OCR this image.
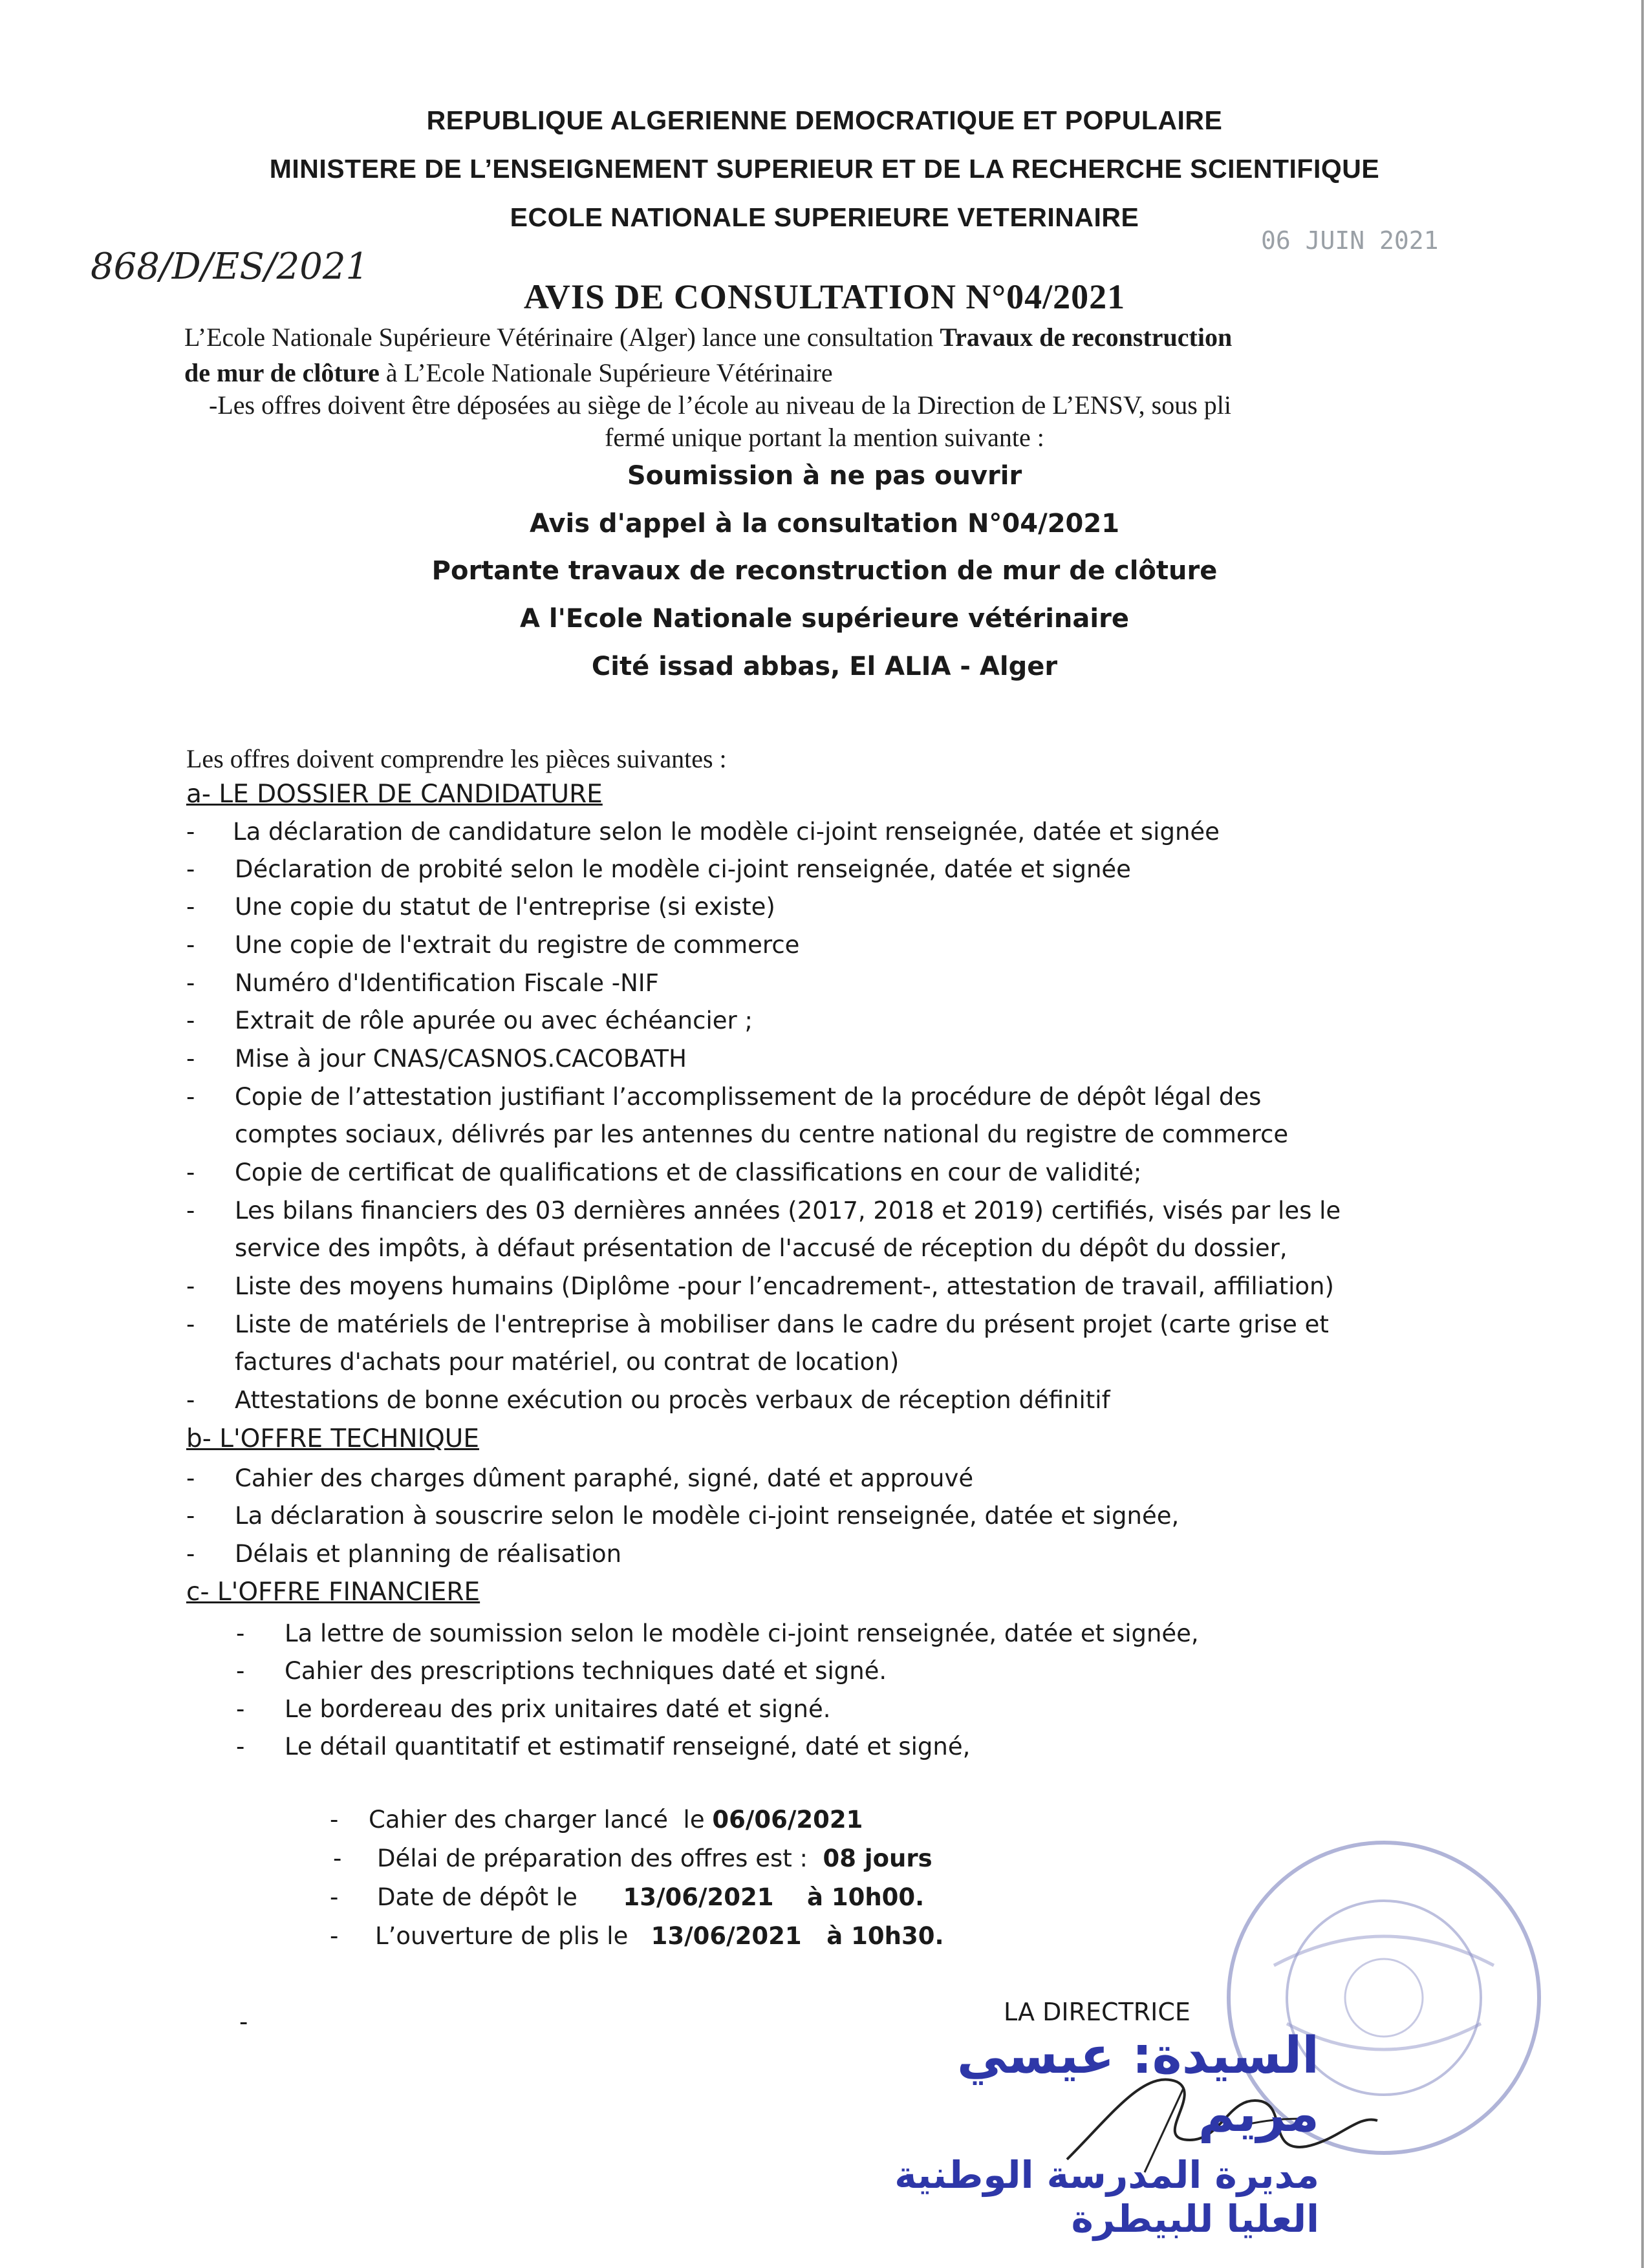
REPUBLIQUE ALGERIENNE DEMOCRATIQUE ET POPULAIRE
MINISTERE DE L’ENSEIGNEMENT SUPERIEUR ET DE LA RECHERCHE SCIENTIFIQUE
ECOLE NATIONALE SUPERIEURE VETERINAIRE
868/D/ES/2021
06 JUIN 2021
AVIS DE CONSULTATION N°04/2021
L’Ecole Nationale Supérieure Vétérinaire (Alger) lance une consultation Travaux de reconstruction
de mur de clôture à L’Ecole Nationale Supérieure Vétérinaire
-Les offres doivent être déposées au siège de l’école au niveau de la Direction de L’ENSV, sous pli
fermé unique portant la mention suivante :
Soumission à ne pas ouvrir
Avis d'appel à la consultation N°04/2021
Portante travaux de reconstruction de mur de clôture
A l'Ecole Nationale supérieure vétérinaire
Cité issad abbas, El ALIA - Alger
Les offres doivent comprendre les pièces suivantes :
a- LE DOSSIER DE CANDIDATURE
- La déclaration de candidature selon le modèle ci-joint renseignée, datée et signée
- Déclaration de probité selon le modèle ci-joint renseignée, datée et signée
- Une copie du statut de l'entreprise (si existe)
- Une copie de l'extrait du registre de commerce
- Numéro d'Identification Fiscale -NIF
- Extrait de rôle apurée ou avec échéancier ;
- Mise à jour CNAS/CASNOS.CACOBATH
- Copie de l’attestation justifiant l’accomplissement de la procédure de dépôt légal des
comptes sociaux, délivrés par les antennes du centre national du registre de commerce
- Copie de certificat de qualifications et de classifications en cour de validité;
- Les bilans financiers des 03 dernières années (2017, 2018 et 2019) certifiés, visés par les le
service des impôts, à défaut présentation de l'accusé de réception du dépôt du dossier,
- Liste des moyens humains (Diplôme -pour l’encadrement-, attestation de travail, affiliation)
- Liste de matériels de l'entreprise à mobiliser dans le cadre du présent projet (carte grise et
factures d'achats pour matériel, ou contrat de location)
- Attestations de bonne exécution ou procès verbaux de réception définitif
b- L'OFFRE TECHNIQUE
- Cahier des charges dûment paraphé, signé, daté et approuvé
- La déclaration à souscrire selon le modèle ci-joint renseignée, datée et signée,
- Délais et planning de réalisation
c- L'OFFRE FINANCIERE
- La lettre de soumission selon le modèle ci-joint renseignée, datée et signée,
- Cahier des prescriptions techniques daté et signé.
- Le bordereau des prix unitaires daté et signé.
- Le détail quantitatif et estimatif renseigné, daté et signé,
- Cahier des charger lancé  le 06/06/2021
- Délai de préparation des offres est :  08 jours
- Date de dépôt le      13/06/2021    à 10h00.
- L’ouverture de plis le   13/06/2021   à 10h30.
-	LA DIRECTRICE
السيدة: عيسي مريم
مديرة المدرسة الوطنية العليا للبيطرة
